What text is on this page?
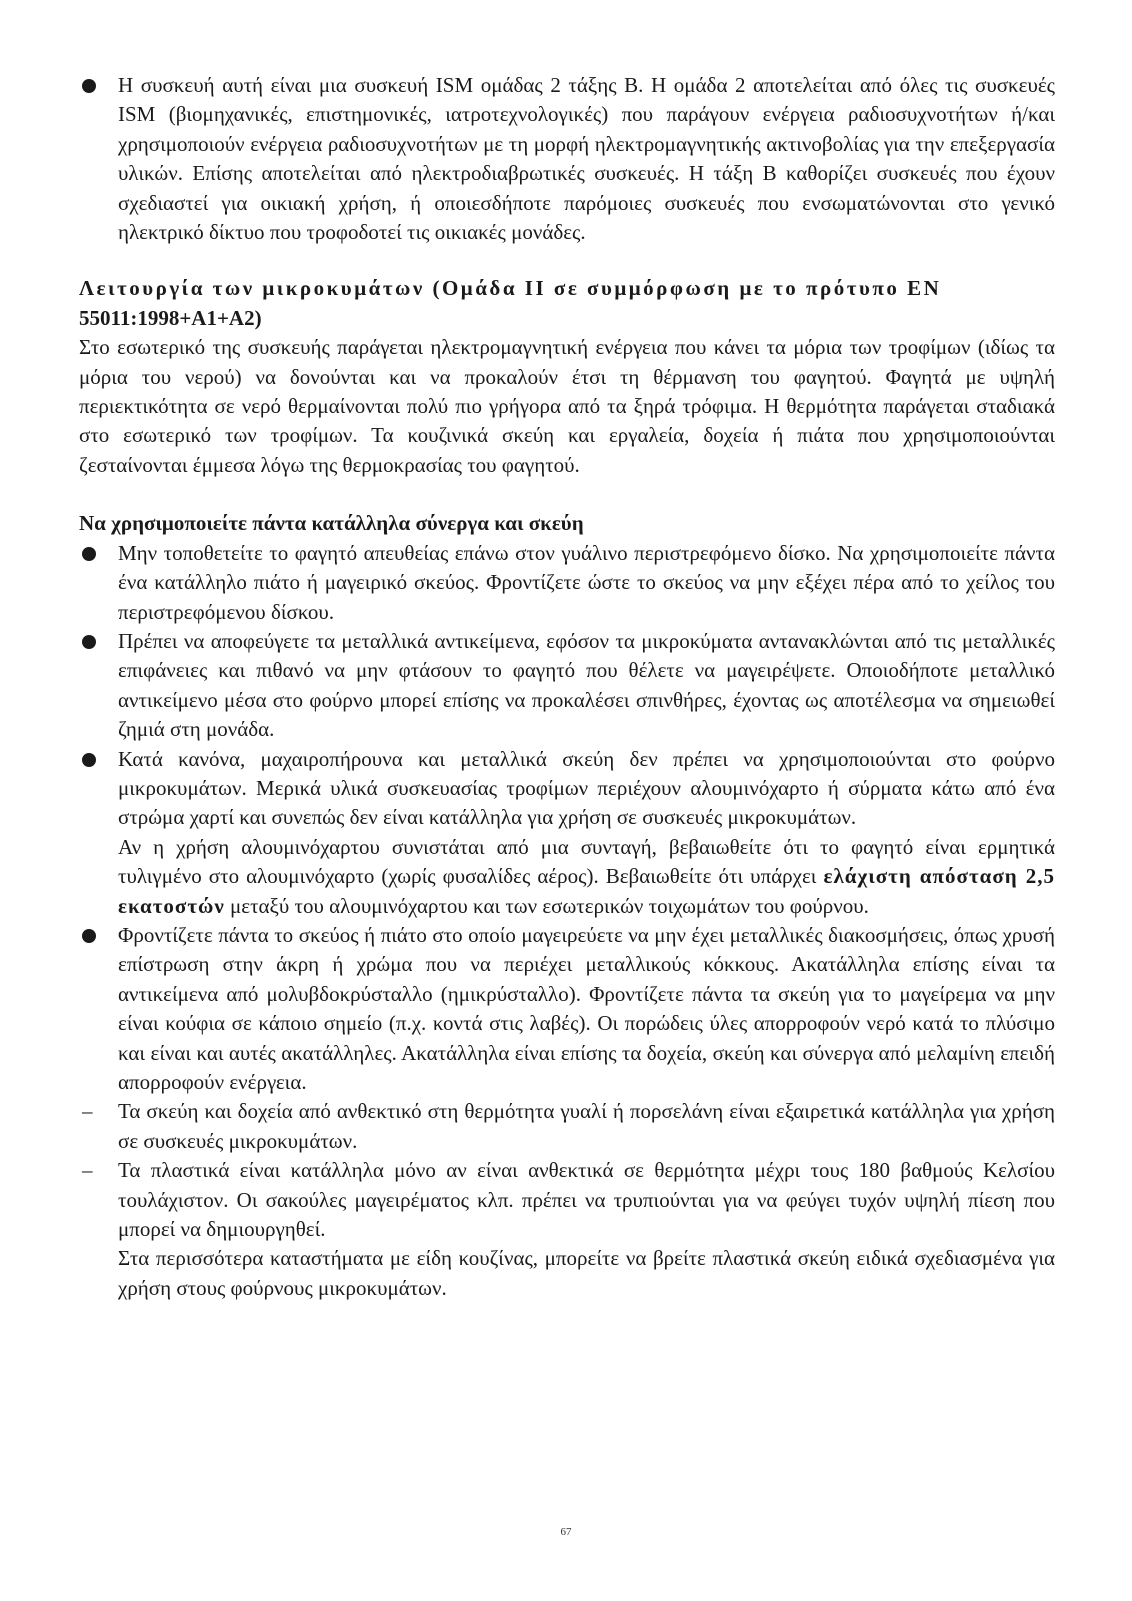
Η συσκευή αυτή είναι μια συσκευή ISM ομάδας 2 τάξης B. Η ομάδα 2 αποτελείται από όλες τις συσκευές ISM (βιομηχανικές, επιστημονικές, ιατροτεχνολογικές) που παράγουν ενέργεια ραδιοσυχνοτήτων ή/και χρησιμοποιούν ενέργεια ραδιοσυχνοτήτων με τη μορφή ηλεκτρομαγνητικής ακτινοβολίας για την επεξεργασία υλικών. Επίσης αποτελείται από ηλεκτροδιαβρωτικές συσκευές. Η τάξη B καθορίζει συσκευές που έχουν σχεδιαστεί για οικιακή χρήση, ή οποιεσδήποτε παρόμοιες συσκευές που ενσωματώνονται στο γενικό ηλεκτρικό δίκτυο που τροφοδοτεί τις οικιακές μονάδες.
Λειτουργία των μικροκυμάτων (Ομάδα II σε συμμόρφωση με το πρότυπο EN
55011:1998+A1+A2)
Στο εσωτερικό της συσκευής παράγεται ηλεκτρομαγνητική ενέργεια που κάνει τα μόρια των τροφίμων (ιδίως τα μόρια του νερού) να δονούνται και να προκαλούν έτσι τη θέρμανση του φαγητού. Φαγητά με υψηλή περιεκτικότητα σε νερό θερμαίνονται πολύ πιο γρήγορα από τα ξηρά τρόφιμα. Η θερμότητα παράγεται σταδιακά στο εσωτερικό των τροφίμων. Τα κουζινικά σκεύη και εργαλεία, δοχεία ή πιάτα που χρησιμοποιούνται ζεσταίνονται έμμεσα λόγω της θερμοκρασίας του φαγητού.
Να χρησιμοποιείτε πάντα κατάλληλα σύνεργα και σκεύη
Μην τοποθετείτε το φαγητό απευθείας επάνω στον γυάλινο περιστρεφόμενο δίσκο. Να χρησιμοποιείτε πάντα ένα κατάλληλο πιάτο ή μαγειρικό σκεύος. Φροντίζετε ώστε το σκεύος να μην εξέχει πέρα από το χείλος του περιστρεφόμενου δίσκου.
Πρέπει να αποφεύγετε τα μεταλλικά αντικείμενα, εφόσον τα μικροκύματα αντανακλώνται από τις μεταλλικές επιφάνειες και πιθανό να μην φτάσουν το φαγητό που θέλετε να μαγειρέψετε. Οποιοδήποτε μεταλλικό αντικείμενο μέσα στο φούρνο μπορεί επίσης να προκαλέσει σπινθήρες, έχοντας ως αποτέλεσμα να σημειωθεί ζημιά στη μονάδα.
Κατά κανόνα, μαχαιροπήρουνα και μεταλλικά σκεύη δεν πρέπει να χρησιμοποιούνται στο φούρνο μικροκυμάτων. Μερικά υλικά συσκευασίας τροφίμων περιέχουν αλουμινόχαρτο ή σύρματα κάτω από ένα στρώμα χαρτί και συνεπώς δεν είναι κατάλληλα για χρήση σε συσκευές μικροκυμάτων.
Αν η χρήση αλουμινόχαρτου συνιστάται από μια συνταγή, βεβαιωθείτε ότι το φαγητό είναι ερμητικά τυλιγμένο στο αλουμινόχαρτο (χωρίς φυσαλίδες αέρος). Βεβαιωθείτε ότι υπάρχει ελάχιστη απόσταση 2,5 εκατοστών μεταξύ του αλουμινόχαρτου και των εσωτερικών τοιχωμάτων του φούρνου.
Φροντίζετε πάντα το σκεύος ή πιάτο στο οποίο μαγειρεύετε να μην έχει μεταλλικές διακοσμήσεις, όπως χρυσή επίστρωση στην άκρη ή χρώμα που να περιέχει μεταλλικούς κόκκους. Ακατάλληλα επίσης είναι τα αντικείμενα από μολυβδοκρύσταλλο (ημικρύσταλλο). Φροντίζετε πάντα τα σκεύη για το μαγείρεμα να μην είναι κούφια σε κάποιο σημείο (π.χ. κοντά στις λαβές). Οι πορώδεις ύλες απορροφούν νερό κατά το πλύσιμο και είναι και αυτές ακατάλληλες. Ακατάλληλα είναι επίσης τα δοχεία, σκεύη και σύνεργα από μελαμίνη επειδή απορροφούν ενέργεια.
– Τα σκεύη και δοχεία από ανθεκτικό στη θερμότητα γυαλί ή πορσελάνη είναι εξαιρετικά κατάλληλα για χρήση σε συσκευές μικροκυμάτων.
– Τα πλαστικά είναι κατάλληλα μόνο αν είναι ανθεκτικά σε θερμότητα μέχρι τους 180 βαθμούς Κελσίου τουλάχιστον. Οι σακούλες μαγειρέματος κλπ. πρέπει να τρυπιούνται για να φεύγει τυχόν υψηλή πίεση που μπορεί να δημιουργηθεί.
Στα περισσότερα καταστήματα με είδη κουζίνας, μπορείτε να βρείτε πλαστικά σκεύη ειδικά σχεδιασμένα για χρήση στους φούρνους μικροκυμάτων.
67
